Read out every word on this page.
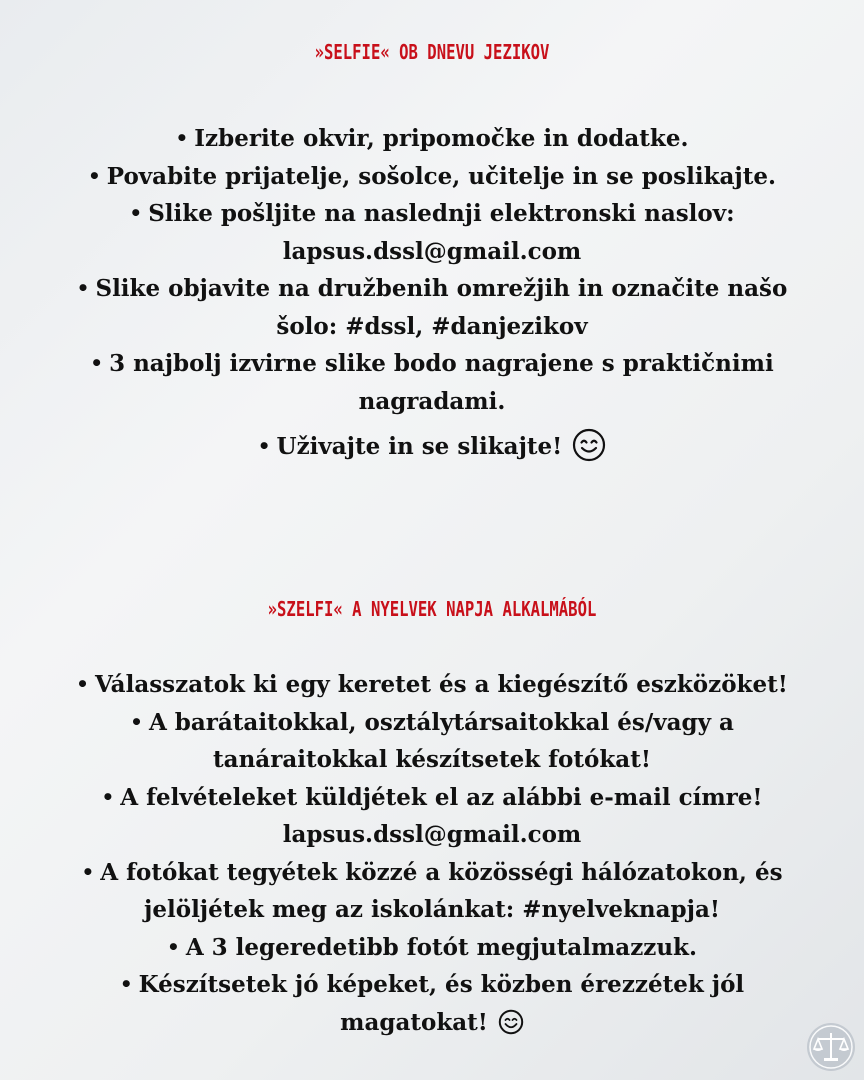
»SELFIE« OB DNEVU JEZIKOV
• Izberite okvir, pripomočke in dodatke.
• Povabite prijatelje, sošolce, učitelje in se poslikajte.
• Slike pošljite na naslednji elektronski naslov:
lapsus.dssl@gmail.com
• Slike objavite na družbenih omrežjih in označite našo
šolo: #dssl, #danjezikov
• 3 najbolj izvirne slike bodo nagrajene s praktičnimi
nagradami.
• Uživajte in se slikajte!
»SZELFI« A NYELVEK NAPJA ALKALMÁBÓL
• Válasszatok ki egy keretet és a kiegészítő eszközöket!
• A barátaitokkal, osztálytársaitokkal és/vagy a
tanáraitokkal készítsetek fotókat!
• A felvételeket küldjétek el az alábbi e-mail címre!
lapsus.dssl@gmail.com
• A fotókat tegyétek közzé a közösségi hálózatokon, és
jelöljétek meg az iskolánkat: #nyelveknapja!
• A 3 legeredetibb fotót megjutalmazzuk.
• Készítsetek jó képeket, és közben érezzétek jól
magatokat!
